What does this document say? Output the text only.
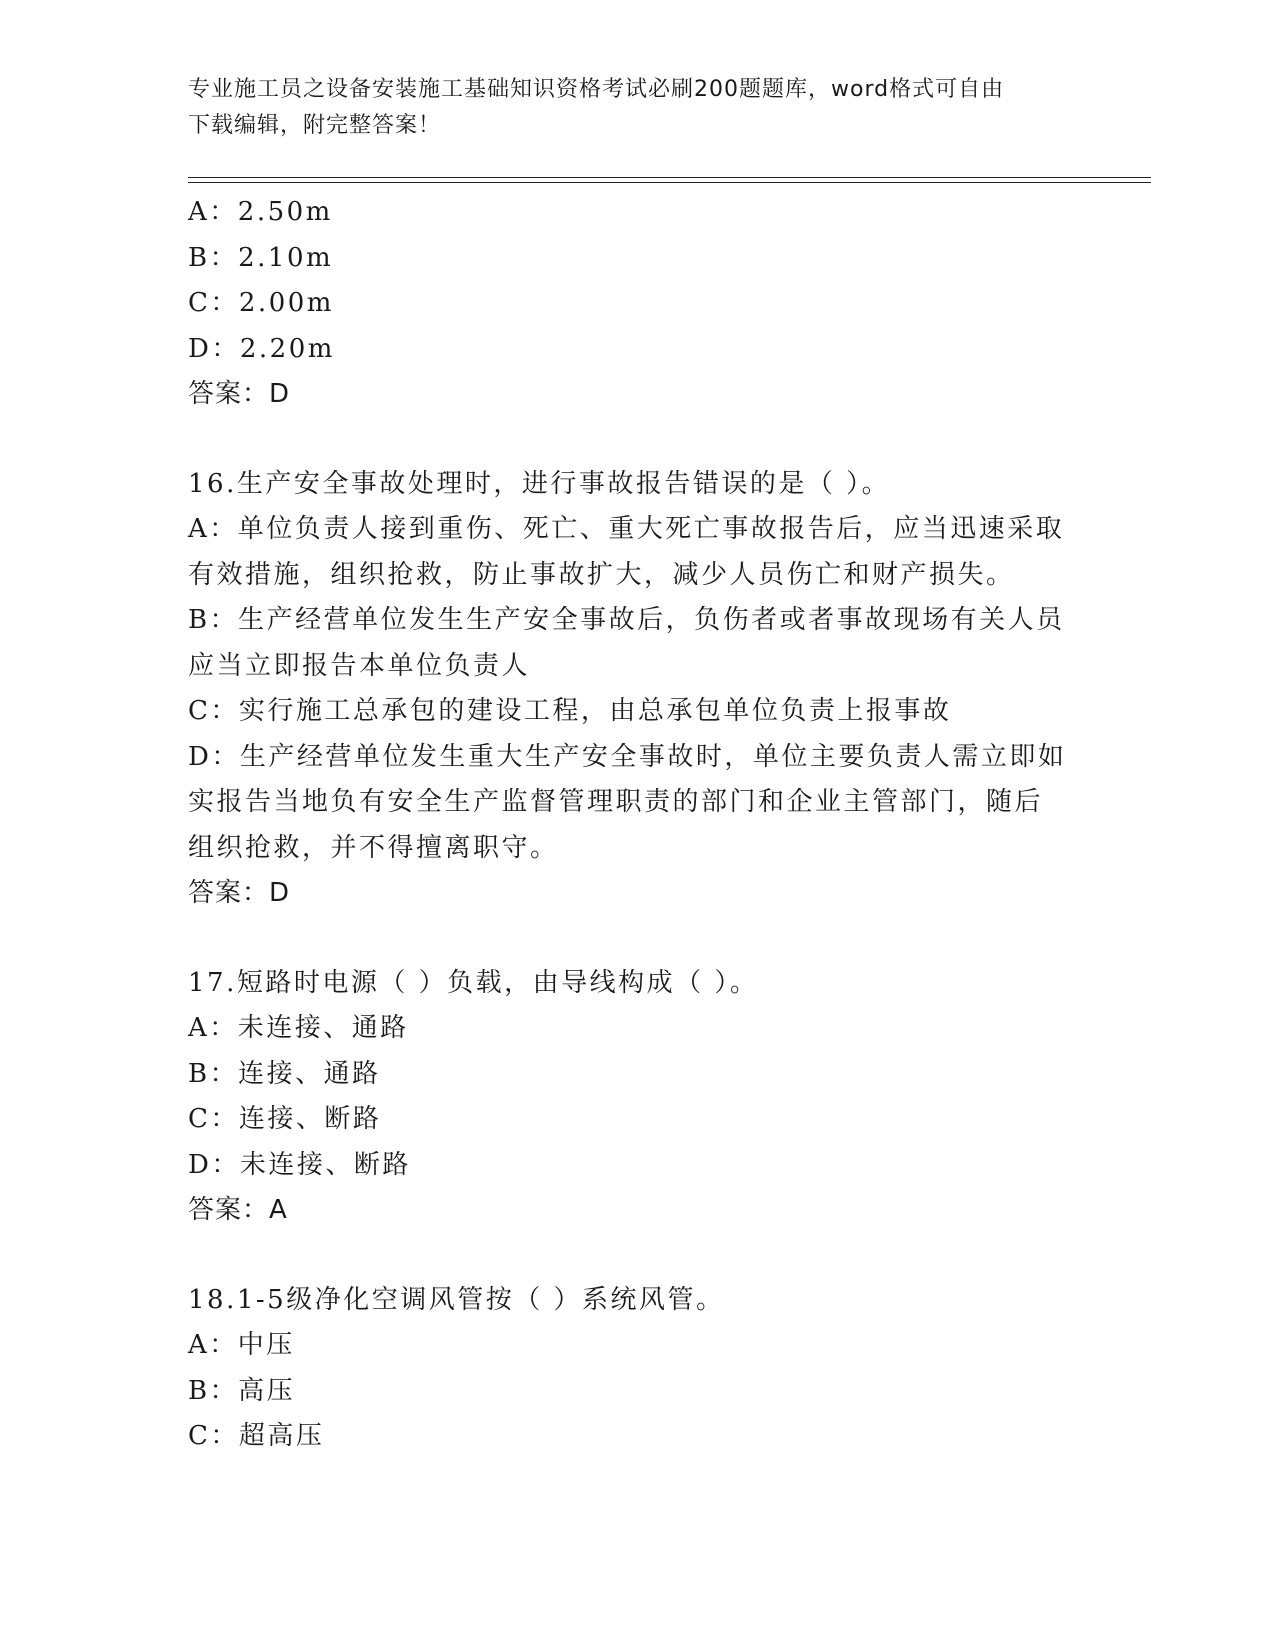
专业施工员之设备安装施工基础知识资格考试必刷200题题库，word格式可自由
下载编辑，附完整答案！
A：2.50m
B：2.10m
C：2.00m
D：2.20m
答案：D
16.生产安全事故处理时，进行事故报告错误的是（ ）。
A：单位负责人接到重伤、死亡、重大死亡事故报告后，应当迅速采取
有效措施，组织抢救，防止事故扩大，减少人员伤亡和财产损失。
B：生产经营单位发生生产安全事故后，负伤者或者事故现场有关人员
应当立即报告本单位负责人
C：实行施工总承包的建设工程，由总承包单位负责上报事故
D：生产经营单位发生重大生产安全事故时，单位主要负责人需立即如
实报告当地负有安全生产监督管理职责的部门和企业主管部门，随后
组织抢救，并不得擅离职守。
答案：D
17.短路时电源（ ）负载，由导线构成（ ）。
A：未连接、通路
B：连接、通路
C：连接、断路
D：未连接、断路
答案：A
18.1-5级净化空调风管按（ ）系统风管。
A：中压
B：高压
C：超高压
